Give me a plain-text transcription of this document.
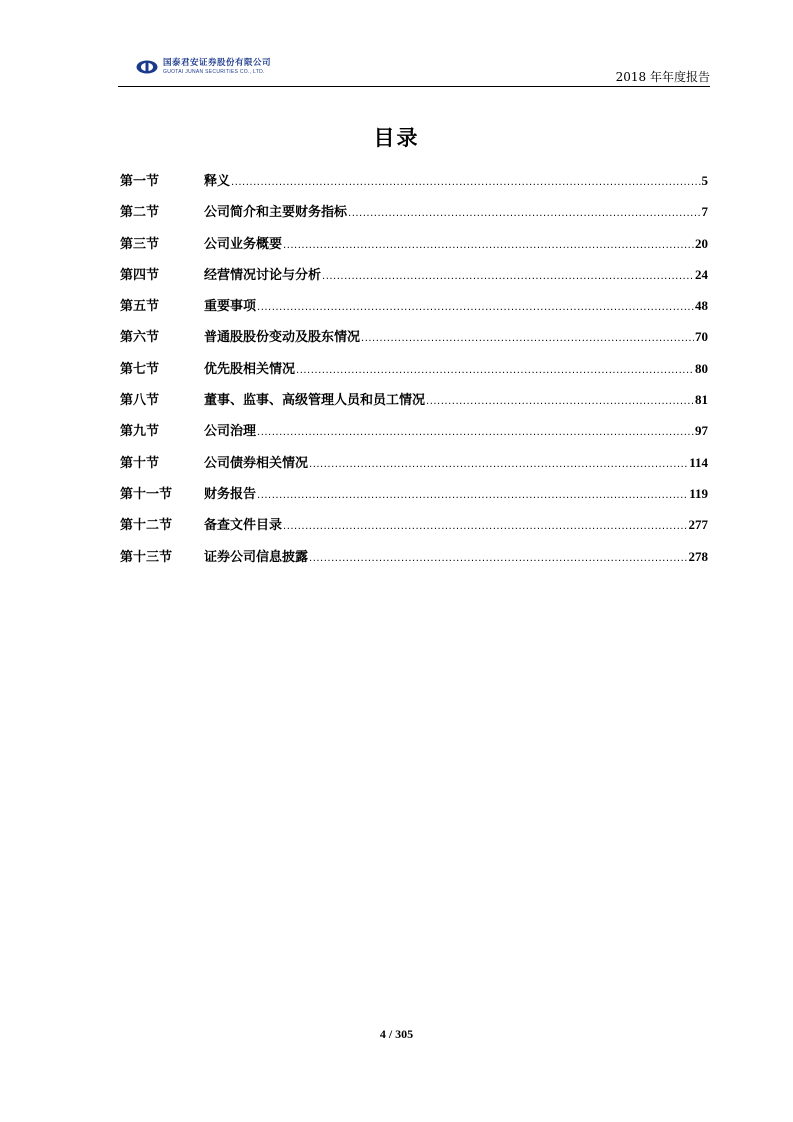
国泰君安证券股份有限公司
GUOTAI JUNAN SECURITIES CO., LTD.	2018 年年度报告
目录
第一节	释义 .....	5
第二节	公司简介和主要财务指标 .....	7
第三节	公司业务概要 .....	20
第四节	经营情况讨论与分析 .....	24
第五节	重要事项 .....	48
第六节	普通股股份变动及股东情况 .....	70
第七节	优先股相关情况 .....	80
第八节	董事、监事、高级管理人员和员工情况 .....	81
第九节	公司治理 .....	97
第十节	公司债券相关情况 .....	114
第十一节	财务报告 .....	119
第十二节	备查文件目录 .....	277
第十三节	证券公司信息披露 .....	278
4 / 305
